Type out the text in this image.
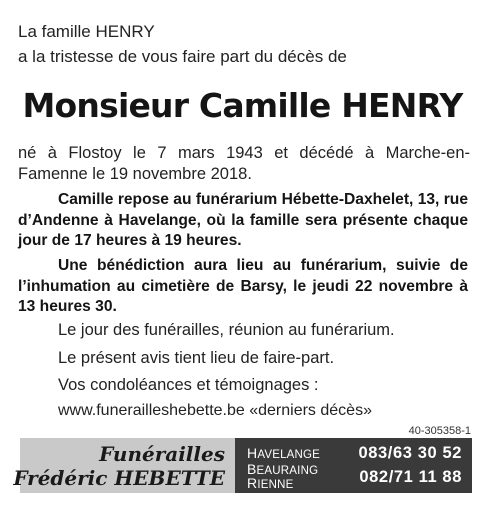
La famille HENRY
a la tristesse de vous faire part du décès de
Monsieur Camille HENRY
né à Flostoy le 7 mars 1943 et décédé à Marche-en-Famenne le 19 novembre 2018.
Camille repose au funérarium Hébette-Daxhelet, 13, rue d’Andenne à Havelange, où la famille sera présente chaque jour de 17 heures à 19 heures.
Une bénédiction aura lieu au funérarium, suivie de l’inhumation au cimetière de Barsy, le jeudi 22 novembre à 13 heures 30.
Le jour des funérailles, réunion au funérarium.
Le présent avis tient lieu de faire-part.
Vos condoléances et témoignages :
www.funerailleshebette.be «derniers décès»
40-305358-1
Funérailles
Frédéric HEBETTE
HAVELANGE 083/63 30 52
BEAURAING
RIENNE	082/71 11 88
